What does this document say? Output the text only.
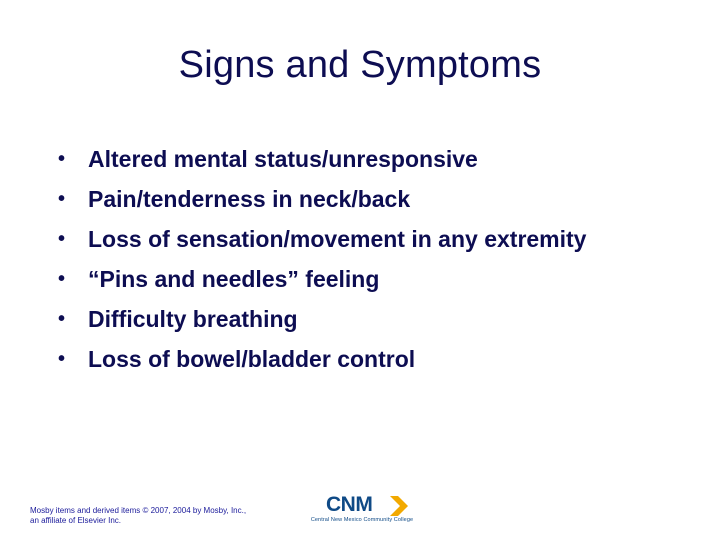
Signs and Symptoms
•
Altered mental status/unresponsive
•
Pain/tenderness in neck/back
•
Loss of sensation/movement in any extremity
•
“Pins and needles” feeling
•
Difficulty breathing
•
Loss of bowel/bladder control
Mosby items and derived items © 2007, 2004 by Mosby, Inc.,
an affiliate of Elsevier Inc.
CNM
Central New Mexico Community College
